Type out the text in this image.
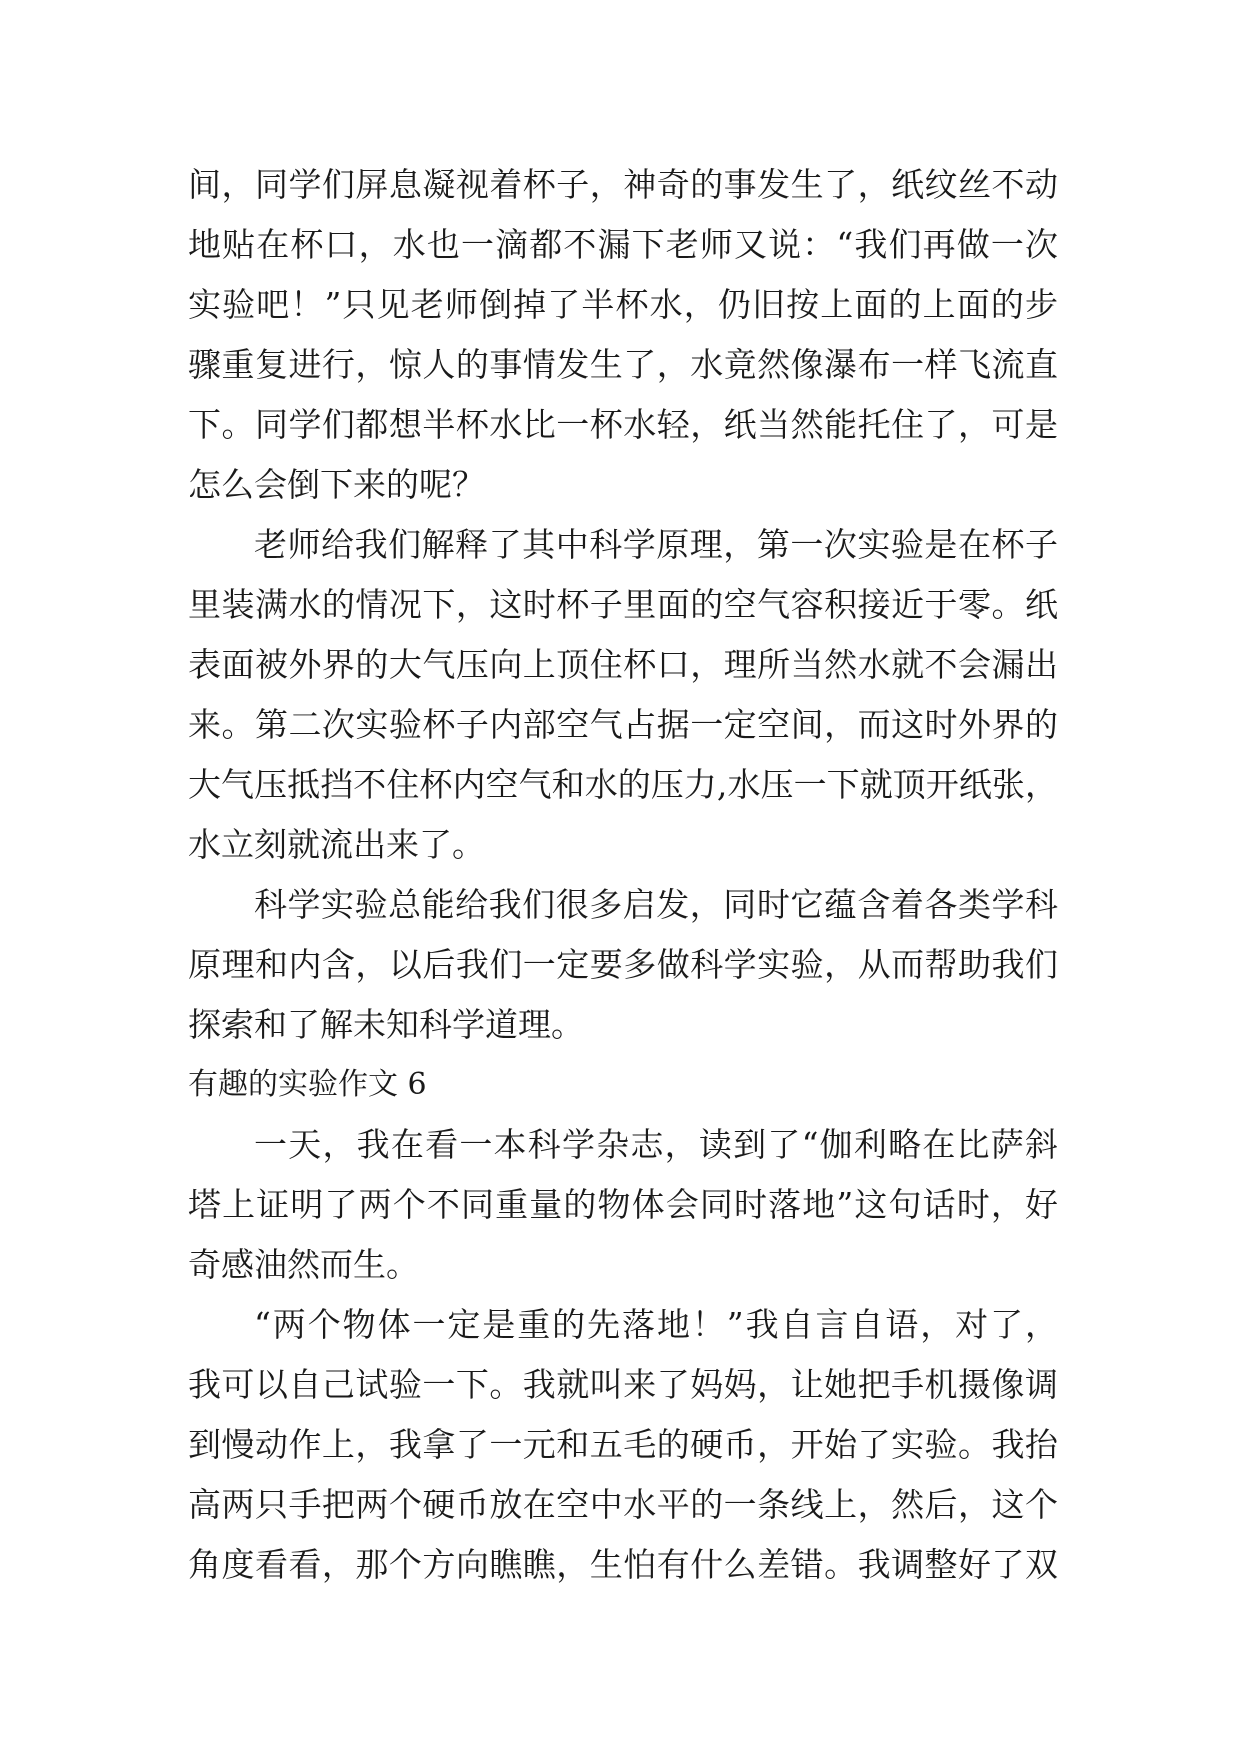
间，同学们屏息凝视着杯子，神奇的事发生了，纸纹丝不动
地贴在杯口，水也一滴都不漏下老师又说：“我们再做一次
实验吧！”只见老师倒掉了半杯水，仍旧按上面的上面的步
骤重复进行，惊人的事情发生了，水竟然像瀑布一样飞流直
下。同学们都想半杯水比一杯水轻，纸当然能托住了，可是
怎么会倒下来的呢？
老师给我们解释了其中科学原理，第一次实验是在杯子
里装满水的情况下，这时杯子里面的空气容积接近于零。纸
表面被外界的大气压向上顶住杯口，理所当然水就不会漏出
来。第二次实验杯子内部空气占据一定空间，而这时外界的
大气压抵挡不住杯内空气和水的压力,水压一下就顶开纸张，
水立刻就流出来了。
科学实验总能给我们很多启发，同时它蕴含着各类学科
原理和内含，以后我们一定要多做科学实验，从而帮助我们
探索和了解未知科学道理。
有趣的实验作文 6
一天，我在看一本科学杂志，读到了“伽利略在比萨斜
塔上证明了两个不同重量的物体会同时落地”这句话时，好
奇感油然而生。
“两个物体一定是重的先落地！”我自言自语，对了，
我可以自己试验一下。我就叫来了妈妈，让她把手机摄像调
到慢动作上，我拿了一元和五毛的硬币，开始了实验。我抬
高两只手把两个硬币放在空中水平的一条线上，然后，这个
角度看看，那个方向瞧瞧，生怕有什么差错。我调整好了双
